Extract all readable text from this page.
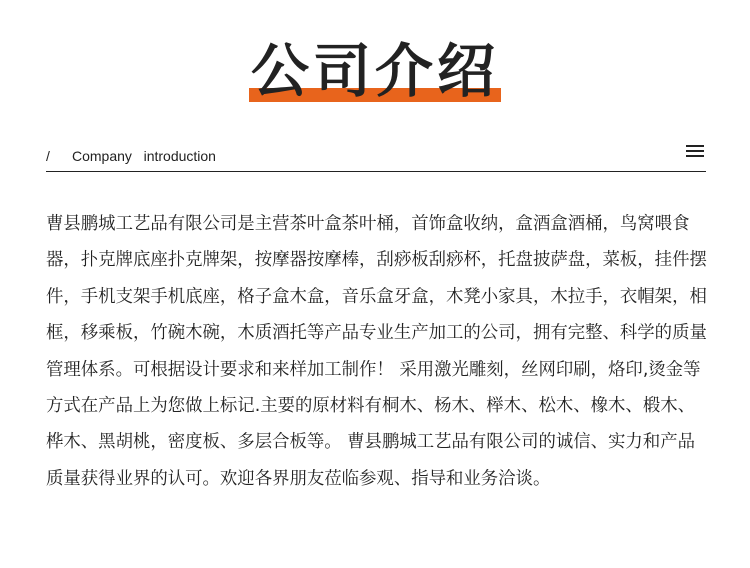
公司介绍
/ Company   introduction
曹县鹏城工艺品有限公司是主营茶叶盒茶叶桶，首饰盒收纳，盒酒盒酒桶，鸟窝喂食器，扑克牌底座扑克牌架，按摩器按摩棒，刮痧板刮痧杯，托盘披萨盘，菜板，挂件摆件，手机支架手机底座，格子盒木盒，音乐盒牙盒，木凳小家具，木拉手，衣帽架，相框，移乘板，竹碗木碗，木质酒托等产品专业生产加工的公司，拥有完整、科学的质量管理体系。可根据设计要求和来样加工制作！ 采用激光雕刻，丝网印刷，烙印,烫金等方式在产品上为您做上标记.主要的原材料有桐木、杨木、榉木、松木、橡木、椴木、桦木、黑胡桃，密度板、多层合板等。 曹县鹏城工艺品有限公司的诚信、实力和产品质量获得业界的认可。欢迎各界朋友莅临参观、指导和业务洽谈。
